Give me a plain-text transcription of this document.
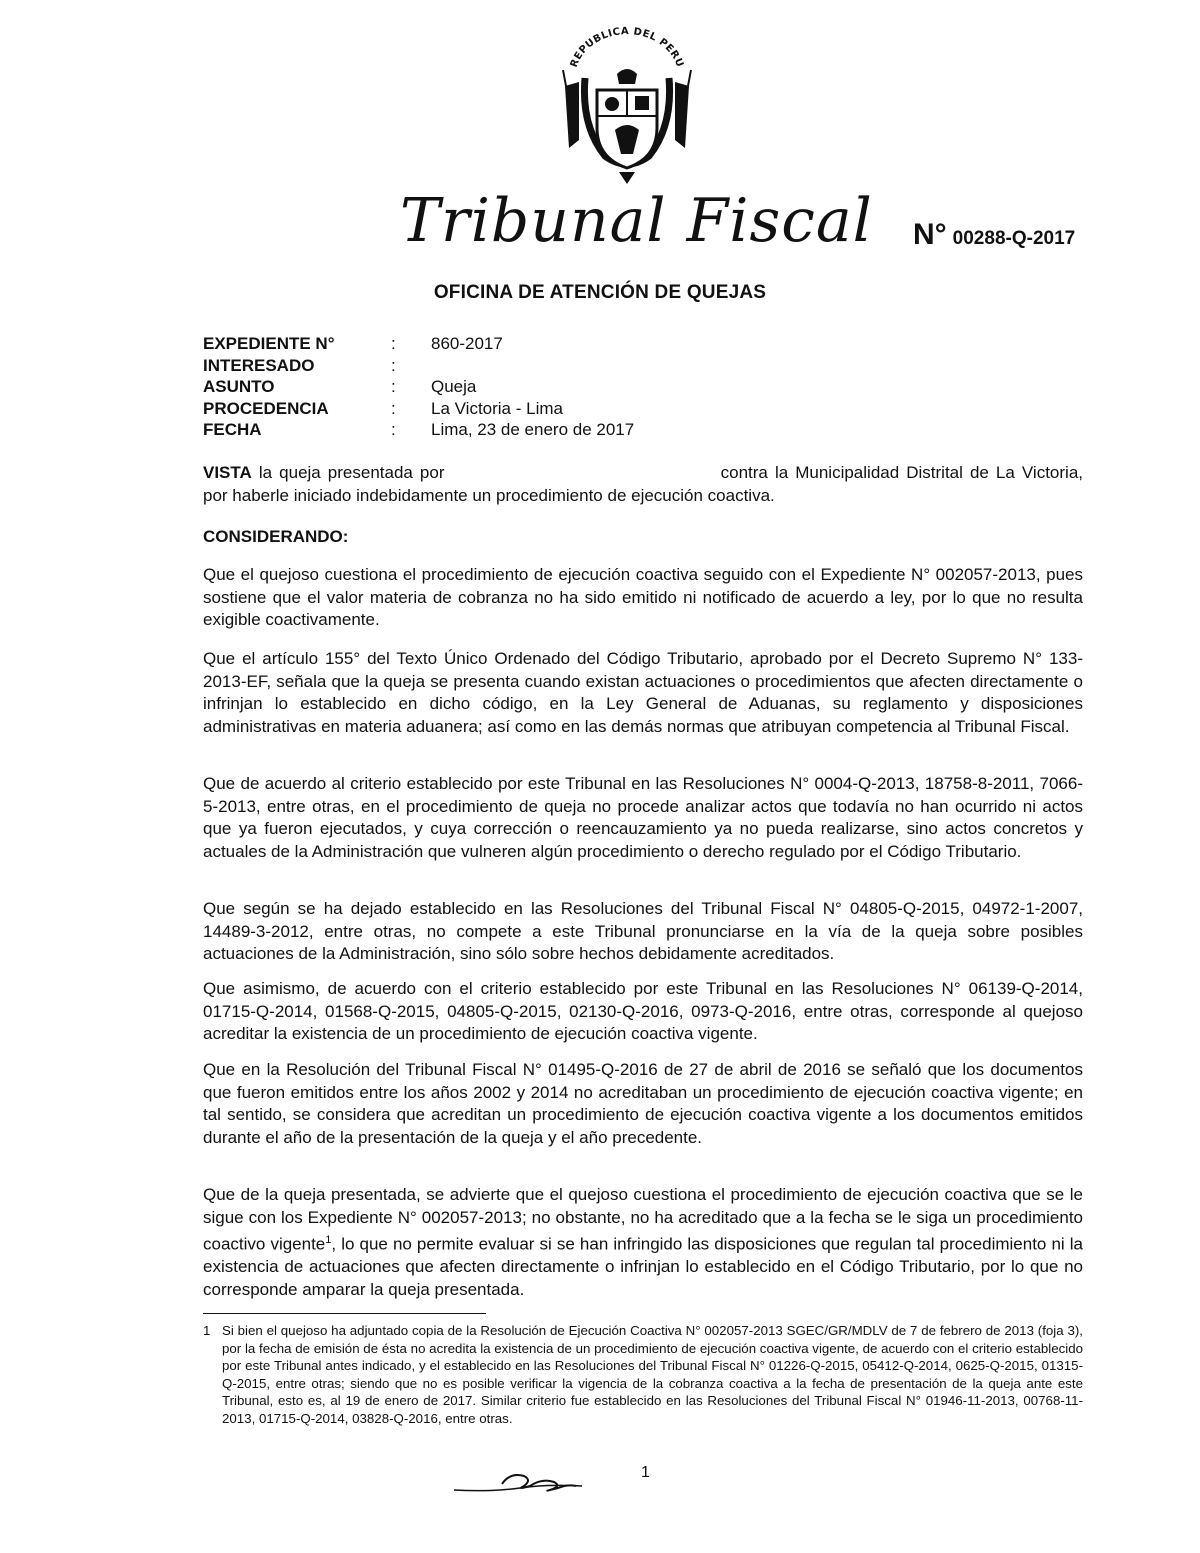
REPUBLICA DEL PERU
Tribunal Fiscal N° 00288-Q-2017
OFICINA DE ATENCIÓN DE QUEJAS
EXPEDIENTE N°	:	860-2017
INTERESADO	:
ASUNTO	:	Queja
PROCEDENCIA	:	La Victoria - Lima
FECHA	:	Lima, 23 de enero de 2017
VISTA la queja presentada por	contra la Municipalidad Distrital de La Victoria, por haberle iniciado indebidamente un procedimiento de ejecución coactiva.
CONSIDERANDO:
Que el quejoso cuestiona el procedimiento de ejecución coactiva seguido con el Expediente N° 002057-2013, pues sostiene que el valor materia de cobranza no ha sido emitido ni notificado de acuerdo a ley, por lo que no resulta exigible coactivamente.
Que el artículo 155° del Texto Único Ordenado del Código Tributario, aprobado por el Decreto Supremo N° 133-2013-EF, señala que la queja se presenta cuando existan actuaciones o procedimientos que afecten directamente o infrinjan lo establecido en dicho código, en la Ley General de Aduanas, su reglamento y disposiciones administrativas en materia aduanera; así como en las demás normas que atribuyan competencia al Tribunal Fiscal.
Que de acuerdo al criterio establecido por este Tribunal en las Resoluciones N° 0004-Q-2013, 18758-8-2011, 7066-5-2013, entre otras, en el procedimiento de queja no procede analizar actos que todavía no han ocurrido ni actos que ya fueron ejecutados, y cuya corrección o reencauzamiento ya no pueda realizarse, sino actos concretos y actuales de la Administración que vulneren algún procedimiento o derecho regulado por el Código Tributario.
Que según se ha dejado establecido en las Resoluciones del Tribunal Fiscal N° 04805-Q-2015, 04972-1-2007, 14489-3-2012, entre otras, no compete a este Tribunal pronunciarse en la vía de la queja sobre posibles actuaciones de la Administración, sino sólo sobre hechos debidamente acreditados.
Que asimismo, de acuerdo con el criterio establecido por este Tribunal en las Resoluciones N° 06139-Q-2014, 01715-Q-2014, 01568-Q-2015, 04805-Q-2015, 02130-Q-2016, 0973-Q-2016, entre otras, corresponde al quejoso acreditar la existencia de un procedimiento de ejecución coactiva vigente.
Que en la Resolución del Tribunal Fiscal N° 01495-Q-2016 de 27 de abril de 2016 se señaló que los documentos que fueron emitidos entre los años 2002 y 2014 no acreditaban un procedimiento de ejecución coactiva vigente; en tal sentido, se considera que acreditan un procedimiento de ejecución coactiva vigente a los documentos emitidos durante el año de la presentación de la queja y el año precedente.
Que de la queja presentada, se advierte que el quejoso cuestiona el procedimiento de ejecución coactiva que se le sigue con los Expediente N° 002057-2013; no obstante, no ha acreditado que a la fecha se le siga un procedimiento coactivo vigente$^1$, lo que no permite evaluar si se han infringido las disposiciones que regulan tal procedimiento ni la existencia de actuaciones que afecten directamente o infrinjan lo establecido en el Código Tributario, por lo que no corresponde amparar la queja presentada.
1 Si bien el quejoso ha adjuntado copia de la Resolución de Ejecución Coactiva N° 002057-2013 SGEC/GR/MDLV de 7 de febrero de 2013 (foja 3), por la fecha de emisión de ésta no acredita la existencia de un procedimiento de ejecución coactiva vigente, de acuerdo con el criterio establecido por este Tribunal antes indicado, y el establecido en las Resoluciones del Tribunal Fiscal N° 01226-Q-2015, 05412-Q-2014, 0625-Q-2015, 01315-Q-2015, entre otras; siendo que no es posible verificar la vigencia de la cobranza coactiva a la fecha de presentación de la queja ante este Tribunal, esto es, al 19 de enero de 2017. Similar criterio fue establecido en las Resoluciones del Tribunal Fiscal N° 01946-11-2013, 00768-11-2013, 01715-Q-2014, 03828-Q-2016, entre otras.
1
